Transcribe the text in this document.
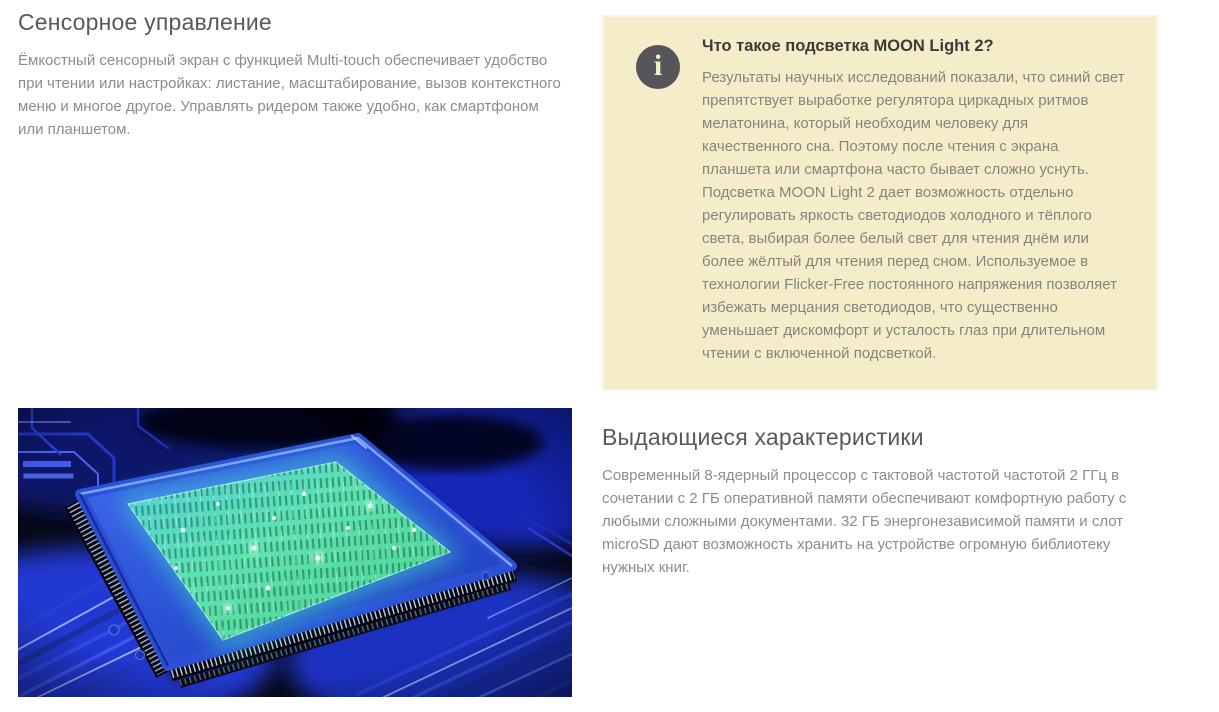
Сенсорное управление

Ёмкостный сенсорный экран с функцией Multi-touch обеспечивает удобство при чтении или настройках: листание, масштабирование, вызов контекстного меню и многое другое. Управлять ридером также удобно, как смартфоном или планшетом.

i
Что такое подсветка MOON Light 2?

Результаты научных исследований показали, что синий свет препятствует выработке регулятора циркадных ритмов мелатонина, который необходим человеку для качественного сна. Поэтому после чтения с экрана планшета или смартфона часто бывает сложно уснуть. Подсветка MOON Light 2 дает возможность отдельно регулировать яркость светодиодов холодного и тёплого света, выбирая более белый свет для чтения днём или более жёлтый для чтения перед сном. Используемое в технологии Flicker-Free постоянного напряжения позволяет избежать мерцания светодиодов, что существенно уменьшает дискомфорт и усталость глаз при длительном чтении с включенной подсветкой.

Выдающиеся характеристики

Современный 8-ядерный процессор с тактовой частотой частотой 2 ГГц в сочетании с 2 ГБ оперативной памяти обеспечивают комфортную работу с любыми сложными документами. 32 ГБ энергонезависимой памяти и слот microSD дают возможность хранить на устройстве огромную библиотеку нужных книг.
